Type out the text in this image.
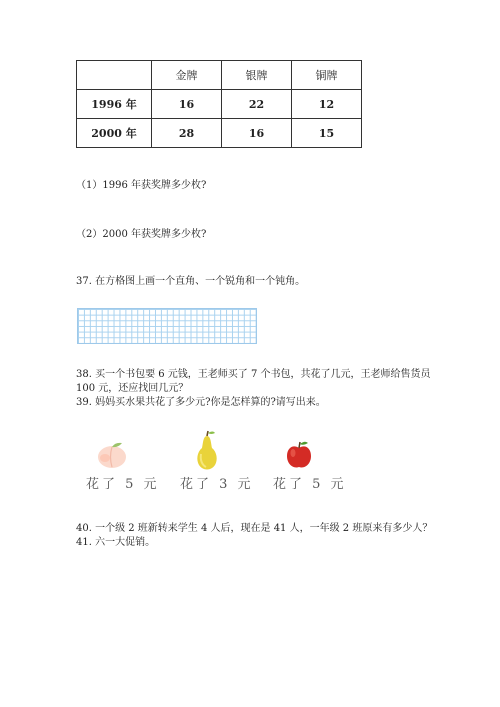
	金牌	银牌	铜牌
1996 年	16	22	12
2000 年	28	16	15
（1）1996 年获奖牌多少枚?
（2）2000 年获奖牌多少枚?
37. 在方格图上画一个直角、一个锐角和一个钝角。
38. 买一个书包要 6 元钱，王老师买了 7 个书包，共花了几元，王老师给售货员
100 元，还应找回几元？
39. 妈妈买水果共花了多少元?你是怎样算的?请写出来。
花了 5 元 花了 3 元 花了 5 元
40. 一个级 2 班新转来学生 4 人后，现在是 41 人，一年级 2 班原来有多少人？
41. 六一大促销。
